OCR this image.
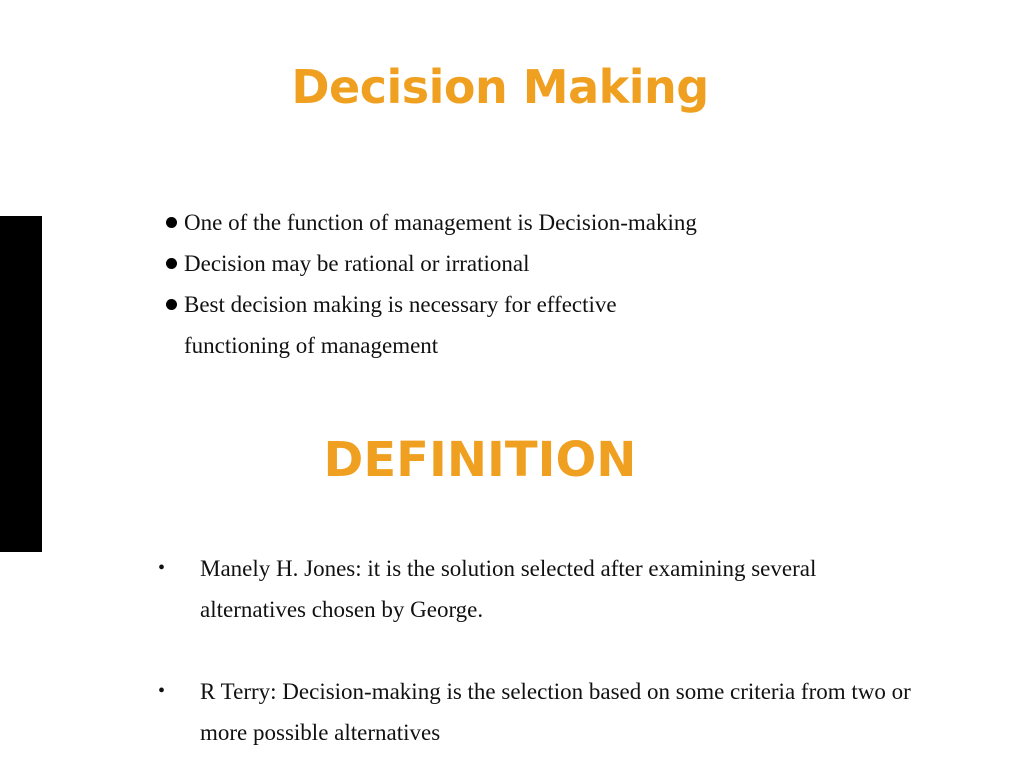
Decision Making
One of the function of management is Decision-making
Decision may be rational or irrational
Best decision making is necessary for effective functioning of management
DEFINITION
• Manely H. Jones: it is the solution selected after examining several alternatives chosen by George.
• R Terry: Decision-making is the selection based on some criteria from two or more possible alternatives
